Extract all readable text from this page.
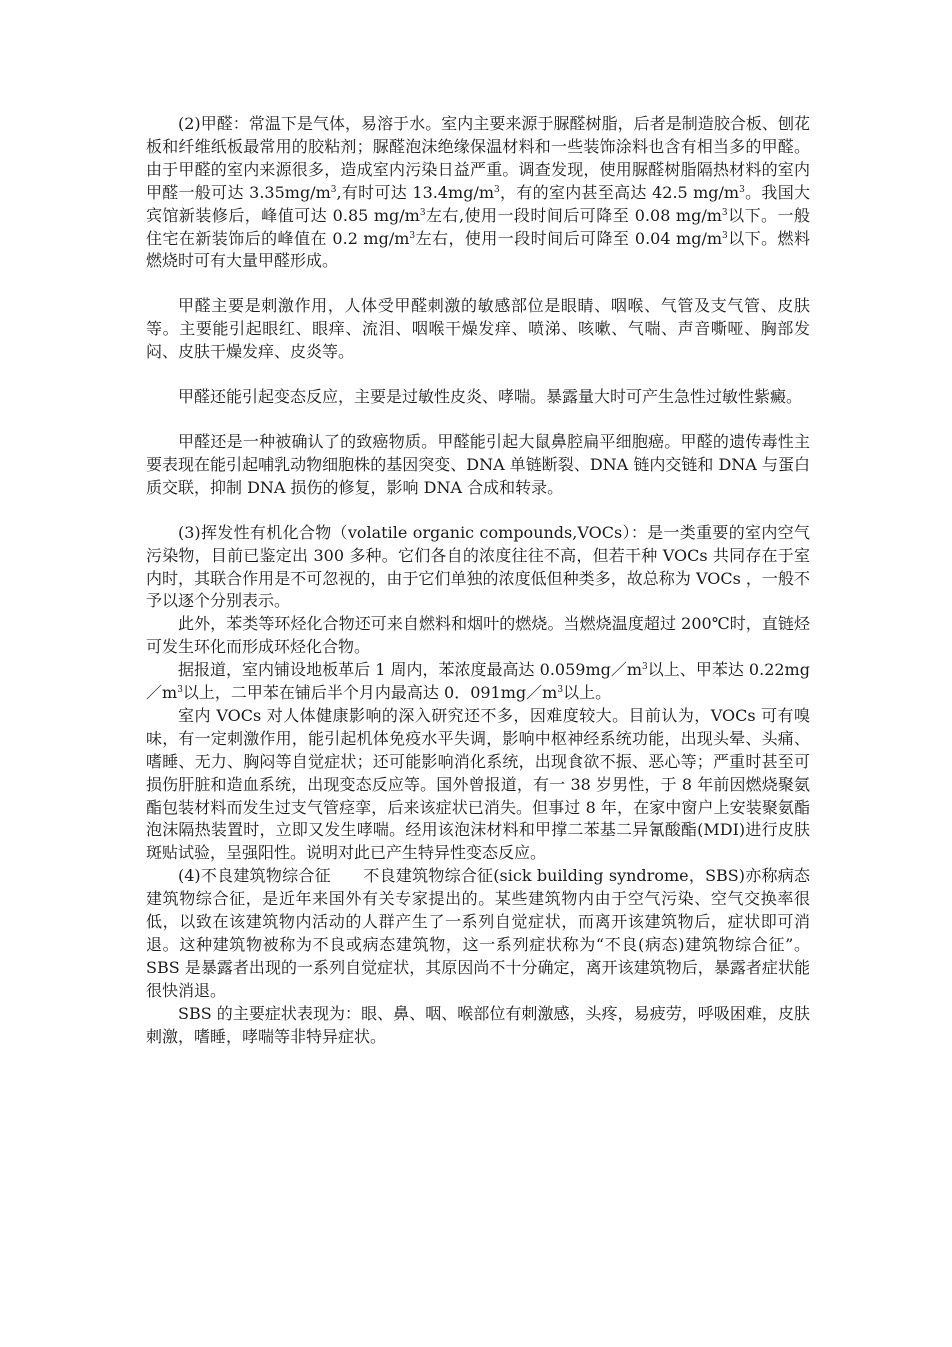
(2)甲醛：常温下是气体，易溶于水。室内主要来源于脲醛树脂，后者是制造胶合板、刨花板和纤维纸板最常用的胶粘剂；脲醛泡沫绝缘保温材料和一些装饰涂料也含有相当多的甲醛。由于甲醛的室内来源很多，造成室内污染日益严重。调查发现，使用脲醛树脂隔热材料的室内甲醛一般可达 $3.35mg/m^3$,有时可达 $13.4mg/m^3$，有的室内甚至高达 42.5 $mg/m^3$。我国大宾馆新装修后，峰值可达 0.85 $mg/m^3$左右,使用一段时间后可降至 0.08 $mg/m^3$以下。一般住宅在新装饰后的峰值在 0.2 $mg/m^3$左右，使用一段时间后可降至 0.04 $mg/m^3$以下。燃料燃烧时可有大量甲醛形成。

甲醛主要是刺激作用，人体受甲醛刺激的敏感部位是眼睛、咽喉、气管及支气管、皮肤等。主要能引起眼红、眼痒、流泪、咽喉干燥发痒、喷涕、咳嗽、气喘、声音嘶哑、胸部发闷、皮肤干燥发痒、皮炎等。

甲醛还能引起变态反应，主要是过敏性皮炎、哮喘。暴露量大时可产生急性过敏性紫癜。

甲醛还是一种被确认了的致癌物质。甲醛能引起大鼠鼻腔扁平细胞癌。甲醛的遗传毒性主要表现在能引起哺乳动物细胞株的基因突变、DNA 单链断裂、DNA 链内交链和 DNA 与蛋白质交联，抑制 DNA 损伤的修复，影响 DNA 合成和转录。

(3)挥发性有机化合物（volatile organic compounds,VOCs）：是一类重要的室内空气污染物，目前已鉴定出 300 多种。它们各自的浓度往往不高，但若干种 VOCs 共同存在于室内时，其联合作用是不可忽视的，由于它们单独的浓度低但种类多，故总称为 VOCs ，一般不予以逐个分别表示。

此外，苯类等环烃化合物还可来自燃料和烟叶的燃烧。当燃烧温度超过 200℃时，直链烃可发生环化而形成环烃化合物。

据报道，室内铺设地板革后 1 周内，苯浓度最高达 $0.059mg/m^3$以上、甲苯达 $0.22mg/m^3$以上，二甲苯在铺后半个月内最高达 0．$091mg/m^3$以上。

室内 VOCs 对人体健康影响的深入研究还不多，因难度较大。目前认为，VOCs 可有嗅味，有一定刺激作用，能引起机体免疫水平失调，影响中枢神经系统功能，出现头晕、头痛、嗜睡、无力、胸闷等自觉症状；还可能影响消化系统，出现食欲不振、恶心等；严重时甚至可损伤肝脏和造血系统，出现变态反应等。国外曾报道，有一 38 岁男性，于 8 年前因燃烧聚氨酯包装材料而发生过支气管痉挛，后来该症状已消失。但事过 8 年，在家中窗户上安装聚氨酯泡沫隔热装置时，立即又发生哮喘。经用该泡沫材料和甲撑二苯基二异氰酸酯(MDI)进行皮肤斑贴试验，呈强阳性。说明对此已产生特异性变态反应。

(4)不良建筑物综合征　　不良建筑物综合征(sick building syndrome，SBS)亦称病态建筑物综合征，是近年来国外有关专家提出的。某些建筑物内由于空气污染、空气交换率很低，以致在该建筑物内活动的人群产生了一系列自觉症状，而离开该建筑物后，症状即可消退。这种建筑物被称为不良或病态建筑物，这一系列症状称为“不良(病态)建筑物综合征”。SBS 是暴露者出现的一系列自觉症状，其原因尚不十分确定，离开该建筑物后，暴露者症状能很快消退。

SBS 的主要症状表现为：眼、鼻、咽、喉部位有刺激感，头疼，易疲劳，呼吸困难，皮肤刺激，嗜睡，哮喘等非特异症状。
